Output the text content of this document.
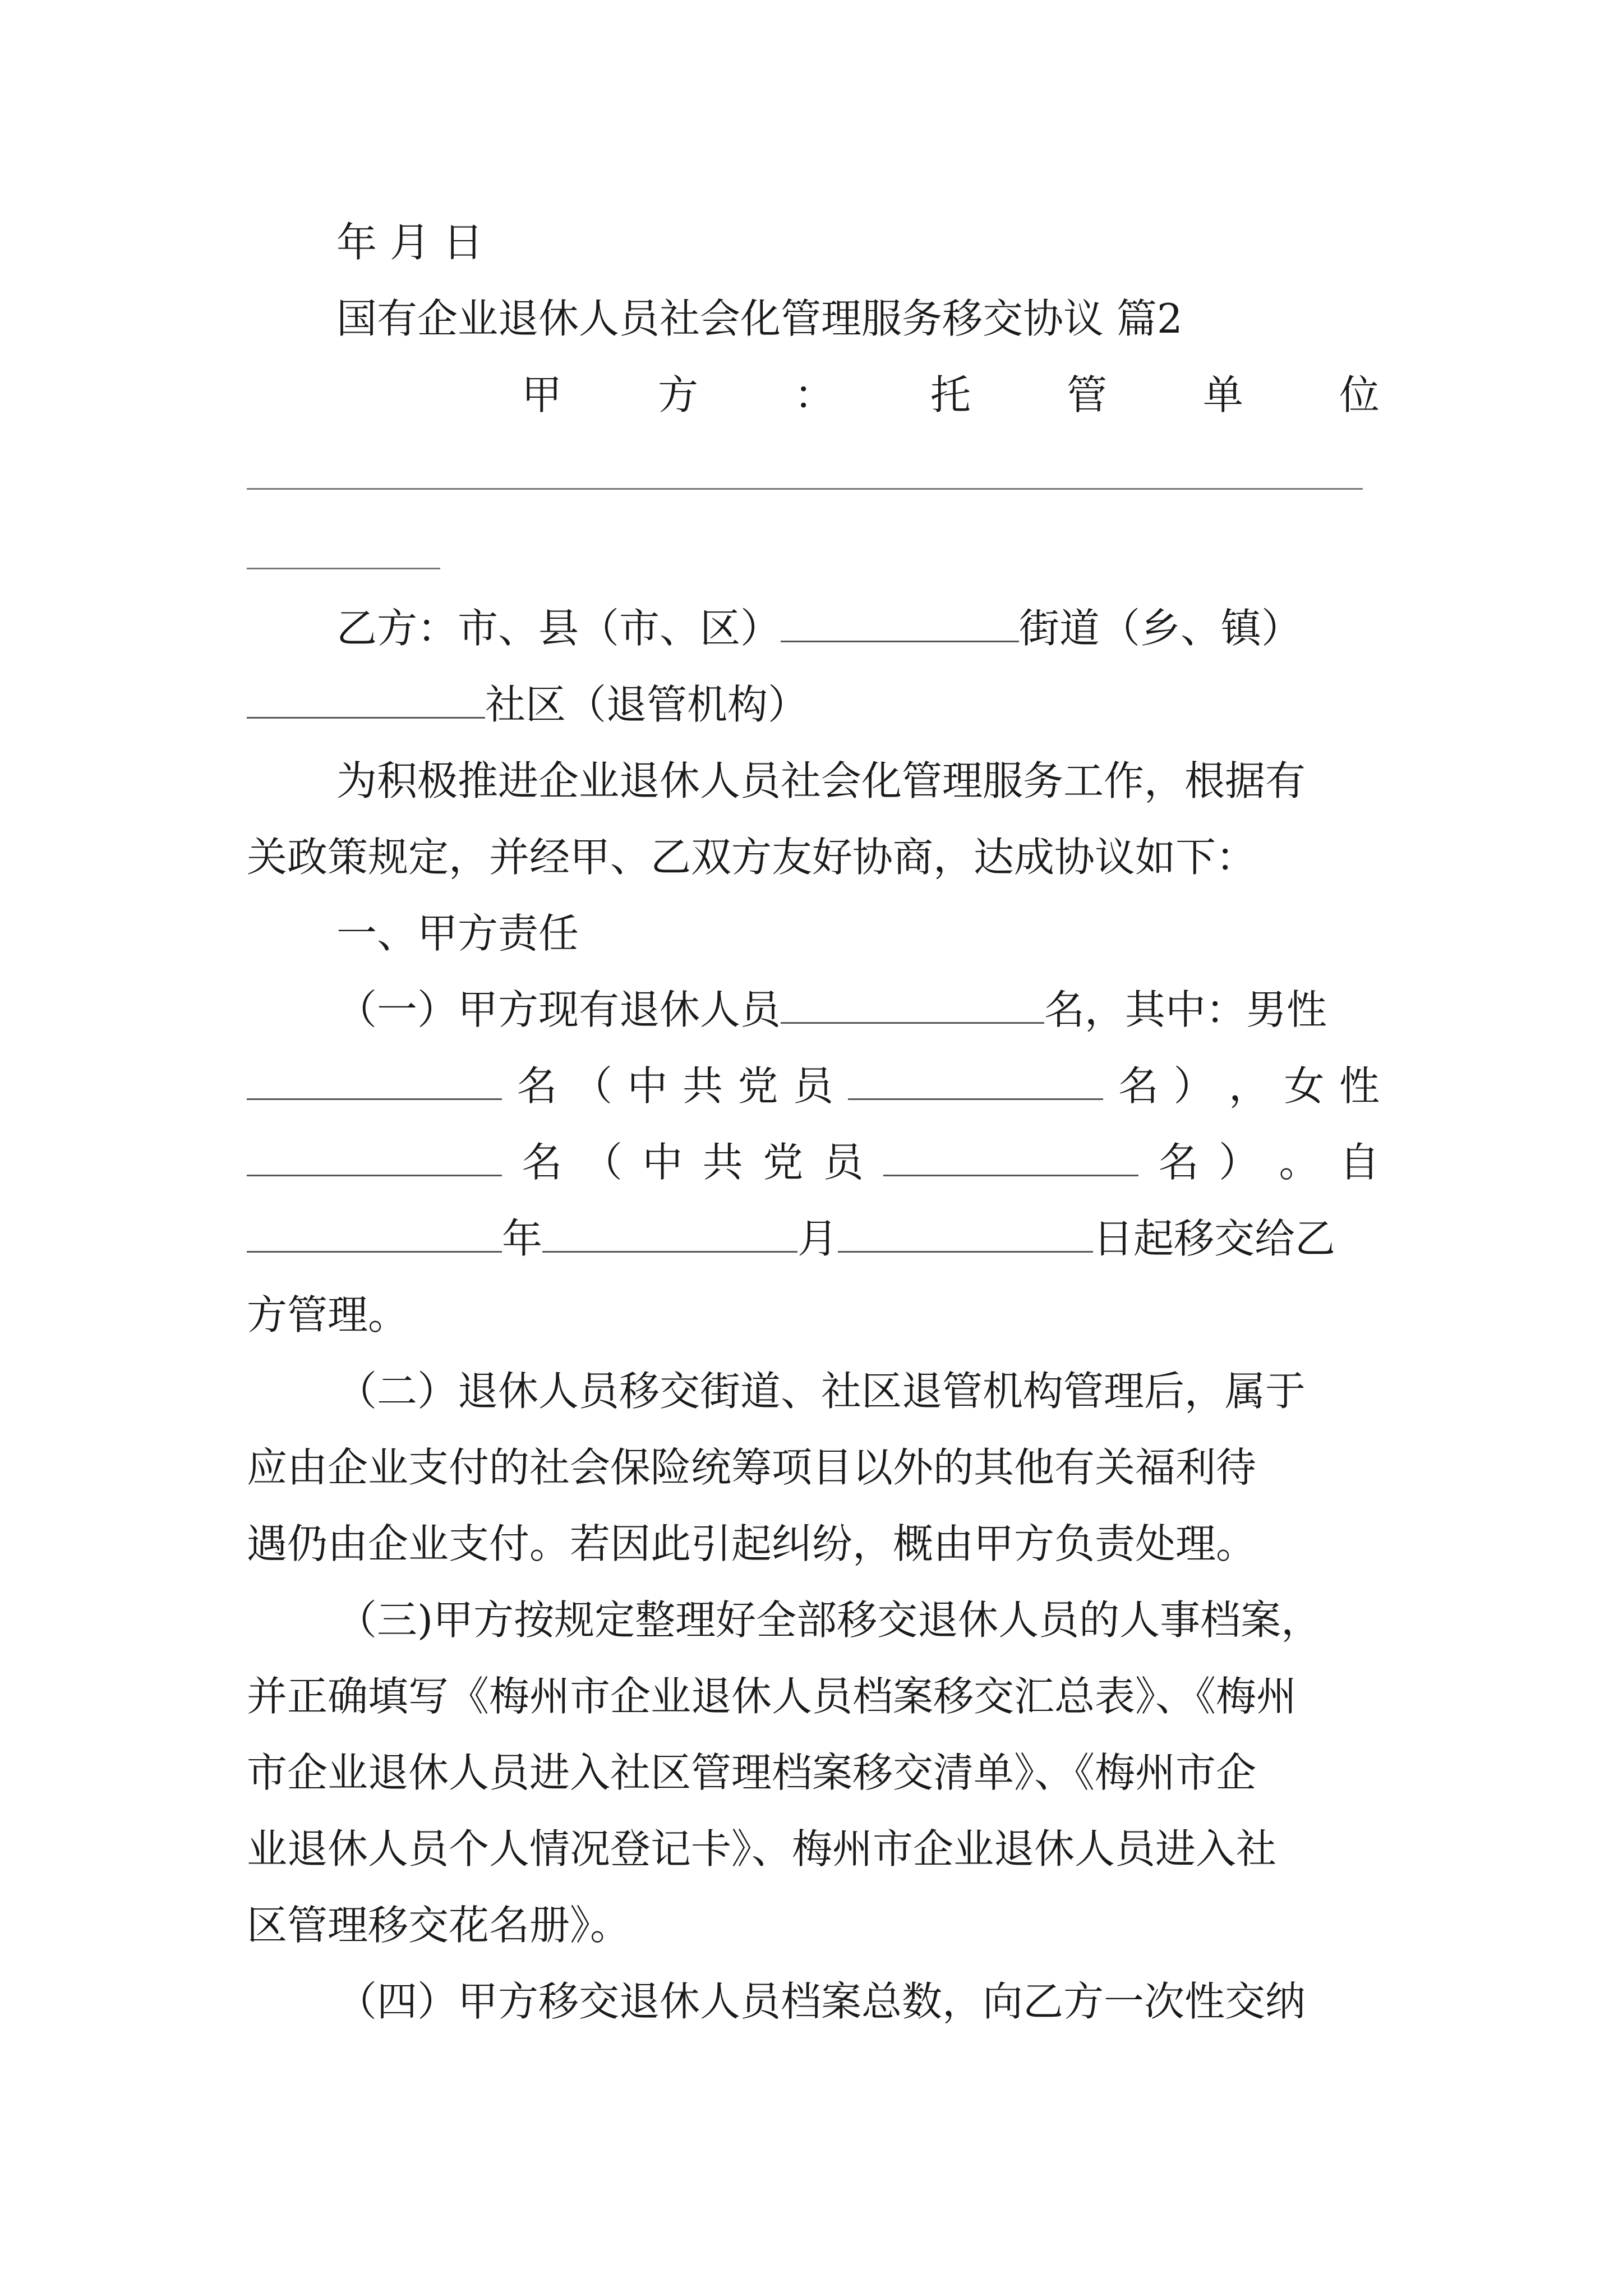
年 月 日
国有企业退休人员社会化管理服务移交协议 篇2
甲 方 ： 托 管 单 位
乙方：市、县（市、区）	街道（乡、镇）
社区（退管机构）
为积极推进企业退休人员社会化管理服务工作，根据有
关政策规定，并经甲、乙双方友好协商，达成协议如下：
一、甲方责任
（一）甲方现有退休人员	名，其中：男性
名 （ 中 共 党 员	名 ） ， 女 性
名 （ 中 共 党 员	名 ） 。 自
年	月	日起移交给乙
方管理。
（二）退休人员移交街道、社区退管机构管理后，属于
应由企业支付的社会保险统筹项目以外的其他有关福利待
遇仍由企业支付。若因此引起纠纷，概由甲方负责处理。
（三)甲方按规定整理好全部移交退休人员的人事档案，
并正确填写《梅州市企业退休人员档案移交汇总表》、《梅州
市企业退休人员进入社区管理档案移交清单》、《梅州市企
业退休人员个人情况登记卡》、梅州市企业退休人员进入社
区管理移交花名册》。
（四）甲方移交退休人员档案总数，向乙方一次性交纳
